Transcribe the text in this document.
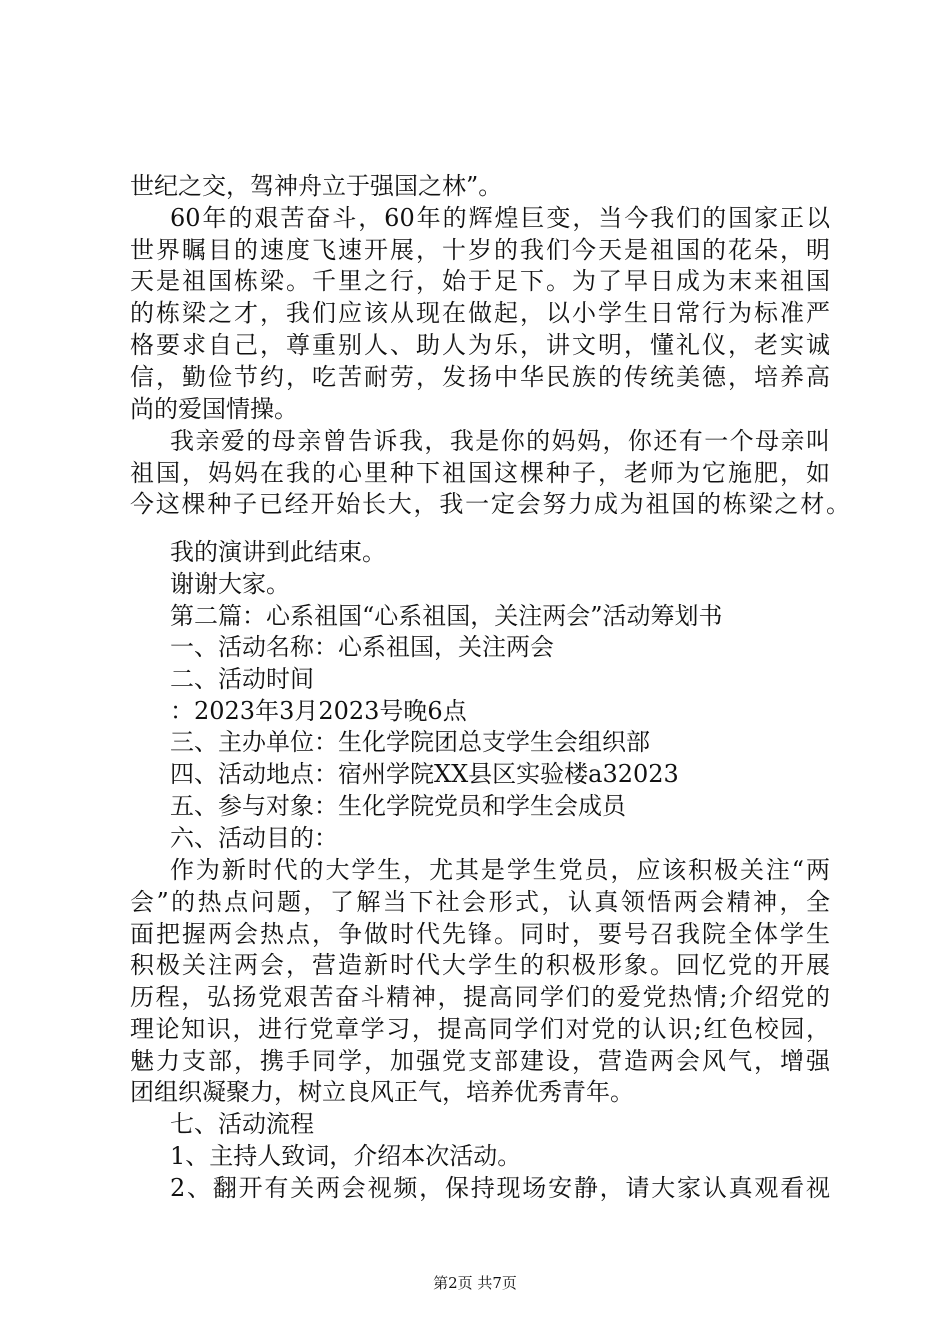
世纪之交，驾神舟立于强国之林”。
60年的艰苦奋斗，60年的辉煌巨变，当今我们的国家正以
世界瞩目的速度飞速开展，十岁的我们今天是祖国的花朵，明
天是祖国栋梁。千里之行，始于足下。为了早日成为末来祖国
的栋梁之才，我们应该从现在做起，以小学生日常行为标准严
格要求自己，尊重别人、助人为乐，讲文明，懂礼仪，老实诚
信，勤俭节约，吃苦耐劳，发扬中华民族的传统美德，培养高
尚的爱国情操。
我亲爱的母亲曾告诉我，我是你的妈妈，你还有一个母亲叫
祖国，妈妈在我的心里种下祖国这棵种子，老师为它施肥，如
今这棵种子已经开始长大，我一定会努力成为祖国的栋梁之材。
我的演讲到此结束。
谢谢大家。
第二篇：心系祖国“心系祖国，关注两会”活动筹划书
一、活动名称：心系祖国，关注两会
二、活动时间
：2023年3月2023号晚6点
三、主办单位：生化学院团总支学生会组织部
四、活动地点：宿州学院XX县区实验楼a32023
五、参与对象：生化学院党员和学生会成员
六、活动目的：
作为新时代的大学生，尤其是学生党员，应该积极关注“两
会”的热点问题，了解当下社会形式，认真领悟两会精神，全
面把握两会热点，争做时代先锋。同时，要号召我院全体学生
积极关注两会，营造新时代大学生的积极形象。回忆党的开展
历程，弘扬党艰苦奋斗精神，提高同学们的爱党热情;介绍党的
理论知识，进行党章学习，提高同学们对党的认识;红色校园，
魅力支部，携手同学，加强党支部建设，营造两会风气，增强
团组织凝聚力，树立良风正气，培养优秀青年。
七、活动流程
1、主持人致词，介绍本次活动。
2、翻开有关两会视频，保持现场安静，请大家认真观看视
第2页 共7页
